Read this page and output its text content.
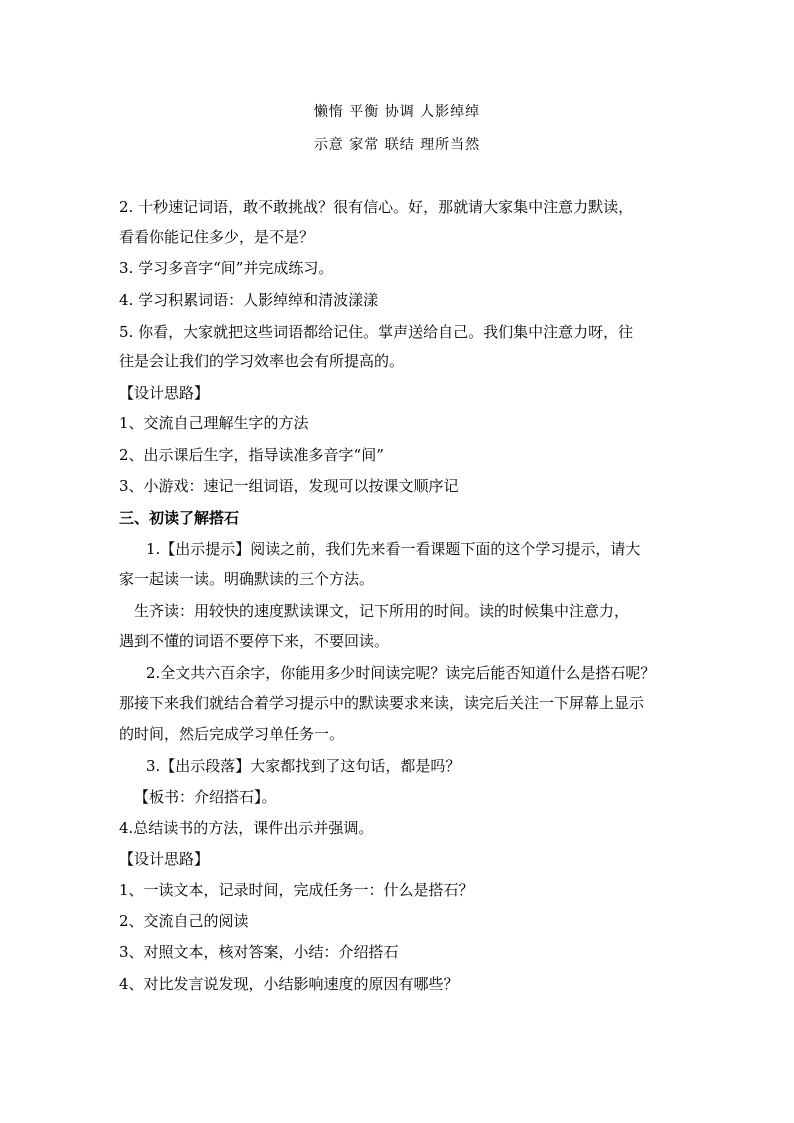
懒惰 平衡 协调 人影绰绰
示意 家常 联结 理所当然
2. 十秒速记词语，敢不敢挑战？很有信心。好，那就请大家集中注意力默读，
看看你能记住多少，是不是？
3. 学习多音字“间”并完成练习。
4. 学习积累词语：人影绰绰和清波漾漾
5. 你看，大家就把这些词语都给记住。掌声送给自己。我们集中注意力呀，往
往是会让我们的学习效率也会有所提高的。
【设计思路】
1、交流自己理解生字的方法
2、出示课后生字，指导读准多音字“间”
3、小游戏：速记一组词语，发现可以按课文顺序记
三、初读了解搭石
1.【出示提示】阅读之前，我们先来看一看课题下面的这个学习提示，请大
家一起读一读。明确默读的三个方法。
生齐读：用较快的速度默读课文，记下所用的时间。读的时候集中注意力，
遇到不懂的词语不要停下来，不要回读。
2.全文共六百余字，你能用多少时间读完呢？读完后能否知道什么是搭石呢？
那接下来我们就结合着学习提示中的默读要求来读，读完后关注一下屏幕上显示
的时间，然后完成学习单任务一。
3.【出示段落】大家都找到了这句话，都是吗？
【板书：介绍搭石】。
4.总结读书的方法，课件出示并强调。
【设计思路】
1、一读文本，记录时间，完成任务一：什么是搭石？
2、交流自己的阅读
3、对照文本，核对答案，小结：介绍搭石
4、对比发言说发现，小结影响速度的原因有哪些？
